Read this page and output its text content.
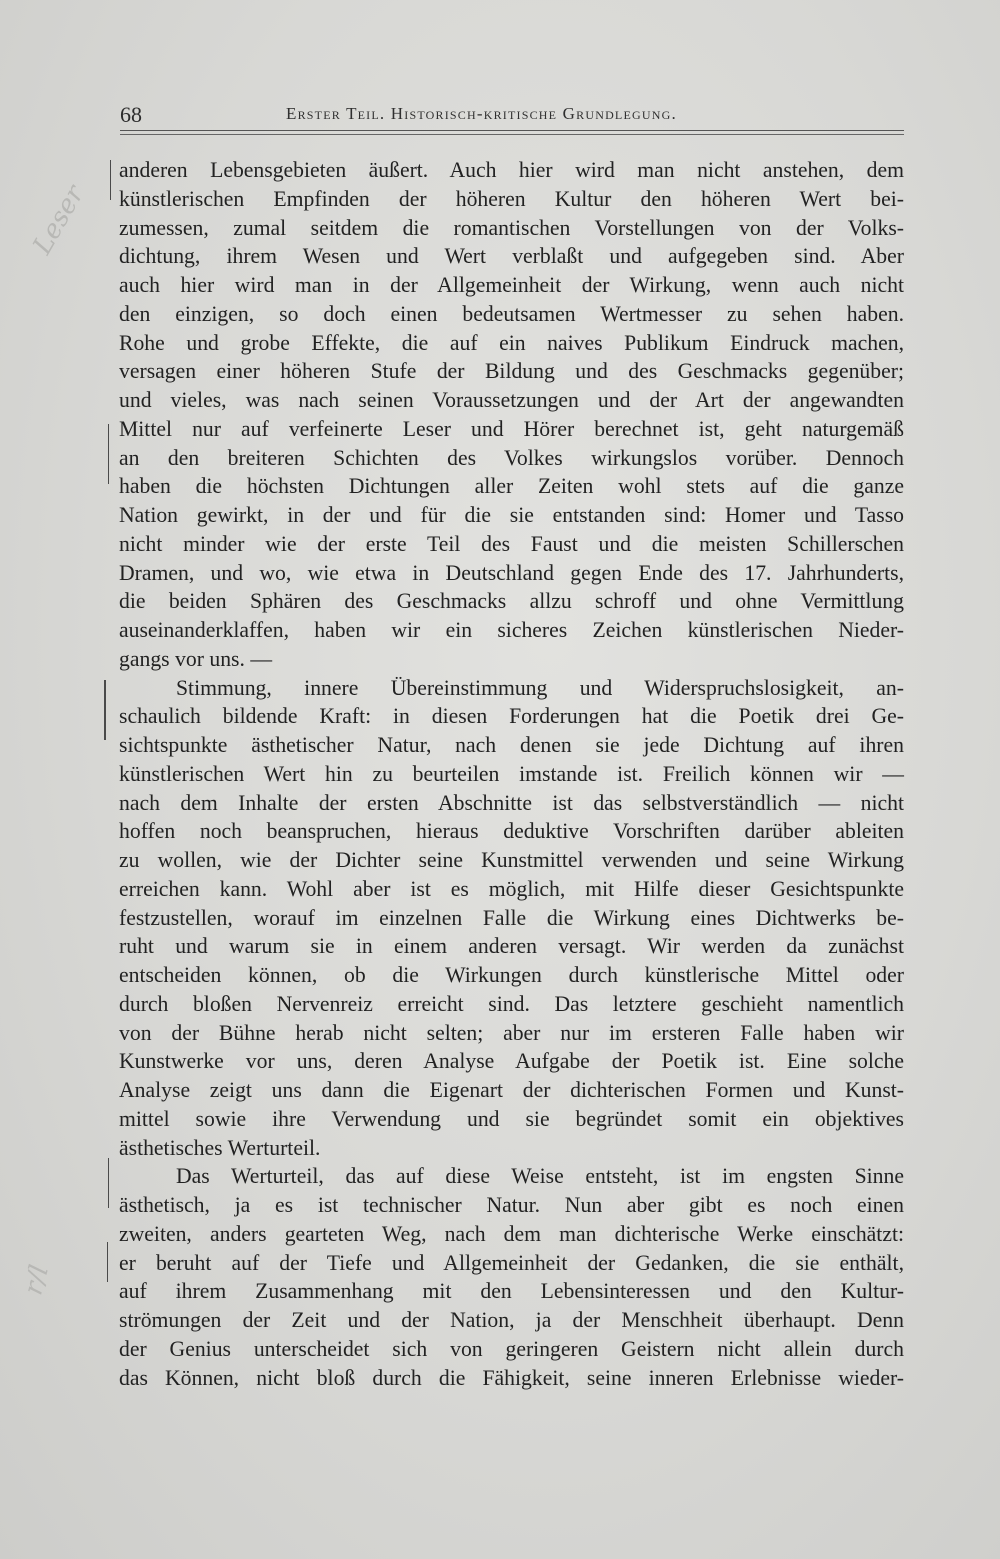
68	Erster Teil. Historisch-kritische Grundlegung.
Leser
r/l
anderen Lebensgebieten äußert. Auch hier wird man nicht anstehen, dem
künstlerischen Empfinden der höheren Kultur den höheren Wert bei-
zumessen, zumal seitdem die romantischen Vorstellungen von der Volks-
dichtung, ihrem Wesen und Wert verblaßt und aufgegeben sind. Aber
auch hier wird man in der Allgemeinheit der Wirkung, wenn auch nicht
den einzigen, so doch einen bedeutsamen Wertmesser zu sehen haben.
Rohe und grobe Effekte, die auf ein naives Publikum Eindruck machen,
versagen einer höheren Stufe der Bildung und des Geschmacks gegenüber;
und vieles, was nach seinen Voraussetzungen und der Art der angewandten
Mittel nur auf verfeinerte Leser und Hörer berechnet ist, geht naturgemäß
an den breiteren Schichten des Volkes wirkungslos vorüber. Dennoch
haben die höchsten Dichtungen aller Zeiten wohl stets auf die ganze
Nation gewirkt, in der und für die sie entstanden sind: Homer und Tasso
nicht minder wie der erste Teil des Faust und die meisten Schillerschen
Dramen, und wo, wie etwa in Deutschland gegen Ende des 17. Jahrhunderts,
die beiden Sphären des Geschmacks allzu schroff und ohne Vermittlung
auseinanderklaffen, haben wir ein sicheres Zeichen künstlerischen Nieder-
gangs vor uns. —
Stimmung, innere Übereinstimmung und Widerspruchslosigkeit, an-
schaulich bildende Kraft: in diesen Forderungen hat die Poetik drei Ge-
sichtspunkte ästhetischer Natur, nach denen sie jede Dichtung auf ihren
künstlerischen Wert hin zu beurteilen imstande ist. Freilich können wir —
nach dem Inhalte der ersten Abschnitte ist das selbstverständlich — nicht
hoffen noch beanspruchen, hieraus deduktive Vorschriften darüber ableiten
zu wollen, wie der Dichter seine Kunstmittel verwenden und seine Wirkung
erreichen kann. Wohl aber ist es möglich, mit Hilfe dieser Gesichtspunkte
festzustellen, worauf im einzelnen Falle die Wirkung eines Dichtwerks be-
ruht und warum sie in einem anderen versagt. Wir werden da zunächst
entscheiden können, ob die Wirkungen durch künstlerische Mittel oder
durch bloßen Nervenreiz erreicht sind. Das letztere geschieht namentlich
von der Bühne herab nicht selten; aber nur im ersteren Falle haben wir
Kunstwerke vor uns, deren Analyse Aufgabe der Poetik ist. Eine solche
Analyse zeigt uns dann die Eigenart der dichterischen Formen und Kunst-
mittel sowie ihre Verwendung und sie begründet somit ein objektives
ästhetisches Werturteil.
Das Werturteil, das auf diese Weise entsteht, ist im engsten Sinne
ästhetisch, ja es ist technischer Natur. Nun aber gibt es noch einen
zweiten, anders gearteten Weg, nach dem man dichterische Werke einschätzt:
er beruht auf der Tiefe und Allgemeinheit der Gedanken, die sie enthält,
auf ihrem Zusammenhang mit den Lebensinteressen und den Kultur-
strömungen der Zeit und der Nation, ja der Menschheit überhaupt. Denn
der Genius unterscheidet sich von geringeren Geistern nicht allein durch
das Können, nicht bloß durch die Fähigkeit, seine inneren Erlebnisse wieder-
